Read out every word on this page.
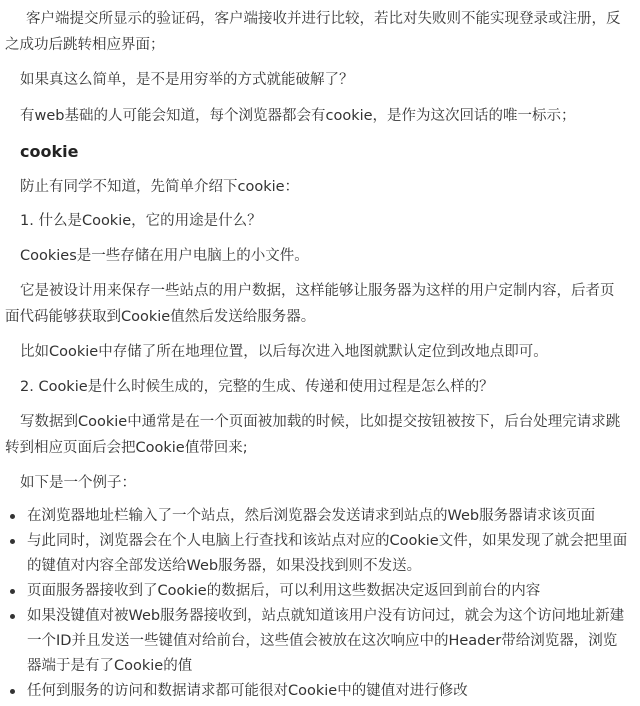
客户端提交所显示的验证码，客户端接收并进行比较，若比对失败则不能实现登录或注册，反

之成功后跳转相应界面；

如果真这么简单，是不是用穷举的方式就能破解了？

有web基础的人可能会知道，每个浏览器都会有cookie，是作为这次回话的唯一标示；

cookie

防止有同学不知道，先简单介绍下cookie：

1. 什么是Cookie，它的用途是什么？

Cookies是一些存储在用户电脑上的小文件。

它是被设计用来保存一些站点的用户数据，这样能够让服务器为这样的用户定制内容，后者页

面代码能够获取到Cookie值然后发送给服务器。

比如Cookie中存储了所在地理位置，以后每次进入地图就默认定位到改地点即可。

2. Cookie是什么时候生成的，完整的生成、传递和使用过程是怎么样的？

写数据到Cookie中通常是在一个页面被加载的时候，比如提交按钮被按下，后台处理完请求跳

转到相应页面后会把Cookie值带回来;

如下是一个例子：

在浏览器地址栏输入了一个站点，然后浏览器会发送请求到站点的Web服务器请求该页面
与此同时，浏览器会在个人电脑上行查找和该站点对应的Cookie文件，如果发现了就会把里面
的键值对内容全部发送给Web服务器，如果没找到则不发送。
页面服务器接收到了Cookie的数据后，可以利用这些数据决定返回到前台的内容
如果没键值对被Web服务器接收到，站点就知道该用户没有访问过，就会为这个访问地址新建
一个ID并且发送一些键值对给前台，这些值会被放在这次响应中的Header带给浏览器，浏览
器端于是有了Cookie的值
任何到服务的访问和数据请求都可能很对Cookie中的键值对进行修改
